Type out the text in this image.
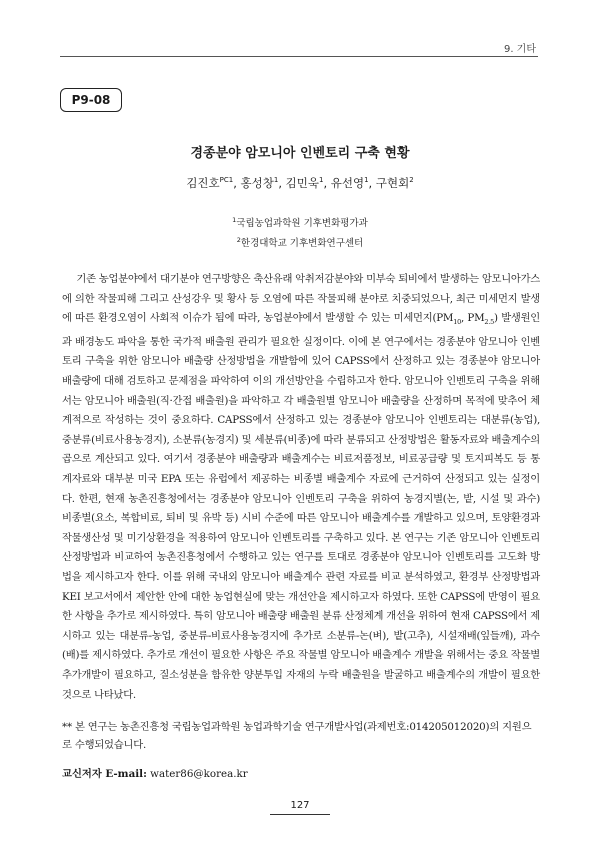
9. 기타
P9-08
경종분야 암모니아 인벤토리 구축 현황
김진호$^{PC1}$, 홍성창$^1$, 김민욱$^1$, 유선영$^1$, 구현회$^2$
$^1$국립농업과학원 기후변화평가과
$^2$한경대학교 기후변화연구센터

기존 농업분야에서 대기분야 연구방향은 축산유래 악취저감분야와 미부숙 퇴비에서 발생하는 암모니아가스에 의한 작물피해 그리고 산성강우 및 황사 등 오염에 따른 작물피해 분야로 치중되었으나, 최근 미세먼지 발생에 따른 환경오염이 사회적 이슈가 됨에 따라, 농업분야에서 발생할 수 있는 미세먼지($PM_{10}$, $PM_{2.5}$) 발생원인과 배경농도 파악을 통한 국가적 배출원 관리가 필요한 실정이다. 이에 본 연구에서는 경종분야 암모니아 인벤토리 구축을 위한 암모니아 배출량 산정방법을 개발함에 있어 CAPSS에서 산정하고 있는 경종분야 암모니아 배출량에 대해 검토하고 문제점을 파악하여 이의 개선방안을 수립하고자 한다. 암모니아 인벤토리 구축을 위해서는 암모니아 배출원(직·간접 배출원)을 파악하고 각 배출원별 암모니아 배출량을 산정하며 목적에 맞추어 체계적으로 작성하는 것이 중요하다. CAPSS에서 산정하고 있는 경종분야 암모니아 인벤토리는 대분류(농업), 중분류(비료사용농경지), 소분류(농경지) 및 세분류(비종)에 따라 분류되고 산정방법은 활동자료와 배출계수의 곱으로 계산되고 있다. 여기서 경종분야 배출량과 배출계수는 비료저품정보, 비료공급량 및 토지피복도 등 통계자료와 대부분 미국 EPA 또는 유럽에서 제공하는 비종별 배출계수 자료에 근거하여 산정되고 있는 실정이다. 한편, 현재 농촌진흥청에서는 경종분야 암모니아 인벤토리 구축을 위하여 농경지별(논, 밭, 시설 및 과수) 비종별(요소, 복합비료, 퇴비 및 유박 등) 시비 수준에 따른 암모니아 배출계수를 개발하고 있으며, 토양환경과 작물생산성 및 미기상환경을 적용하여 암모니아 인벤토리를 구축하고 있다. 본 연구는 기존 암모니아 인벤토리 산정방법과 비교하여 농촌진흥청에서 수행하고 있는 연구를 토대로 경종분야 암모니아 인벤토리를 고도화 방법을 제시하고자 한다. 이를 위해 국내외 암모니아 배출계수 관련 자료를 비교 분석하였고, 환경부 산정방법과 KEI 보고서에서 제안한 안에 대한 농업현실에 맞는 개선안을 제시하고자 하였다. 또한 CAPSS에 반영이 필요한 사항을 추가로 제시하였다. 특히 암모니아 배출량 배출원 분류 산정체계 개선을 위하여 현재 CAPSS에서 제시하고 있는 대분류-농업, 중분류-비료사용농경지에 추가로 소분류-논(벼), 밭(고추), 시설재배(잎들깨), 과수(배)를 제시하였다. 추가로 개선이 필요한 사항은 주요 작물별 암모니아 배출계수 개발을 위해서는 중요 작물별 추가개발이 필요하고, 질소성분을 함유한 양분투입 자재의 누락 배출원을 발굴하고 배출계수의 개발이 필요한 것으로 나타났다.

** 본 연구는 농촌진흥청 국립농업과학원 농업과학기술 연구개발사업(과제번호:014205012020)의 지원으로 수행되었습니다.

교신저자 E-mail: water86@korea.kr

127
